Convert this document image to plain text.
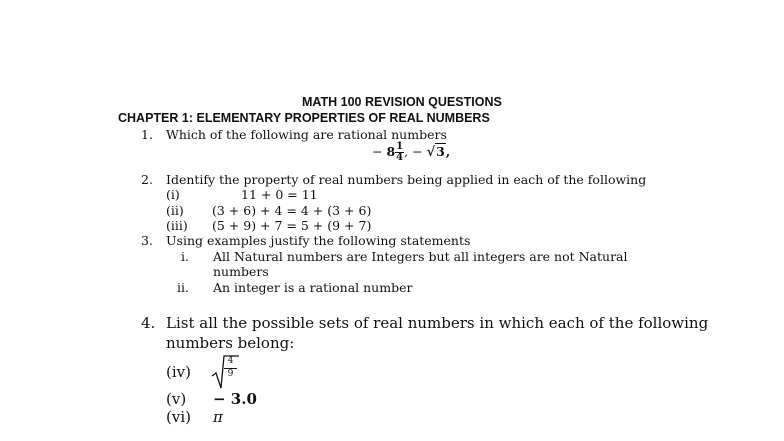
MATH 100 REVISION QUESTIONS
CHAPTER 1: ELEMENTARY PROPERTIES OF REAL NUMBERS
1. Which of the following are rational numbers
− $8 \frac{1}{4}$ , − √3,
2. Identify the property of real numbers being applied in each of the following
(i)	11 + 0 = 11
(ii) (3 + 6) + 4 = 4 + (3 + 6)
(iii) (5 + 9) + 7 = 5 + (9 + 7)
3. Using examples justify the following statements
i. All Natural numbers are Integers but all integers are not Natural
numbers
ii. An integer is a rational number
4. List all the possible sets of real numbers in which each of the following
numbers belong:
(iv)	$\frac{4}{9}$
(v) − 3.0
(vi) π
